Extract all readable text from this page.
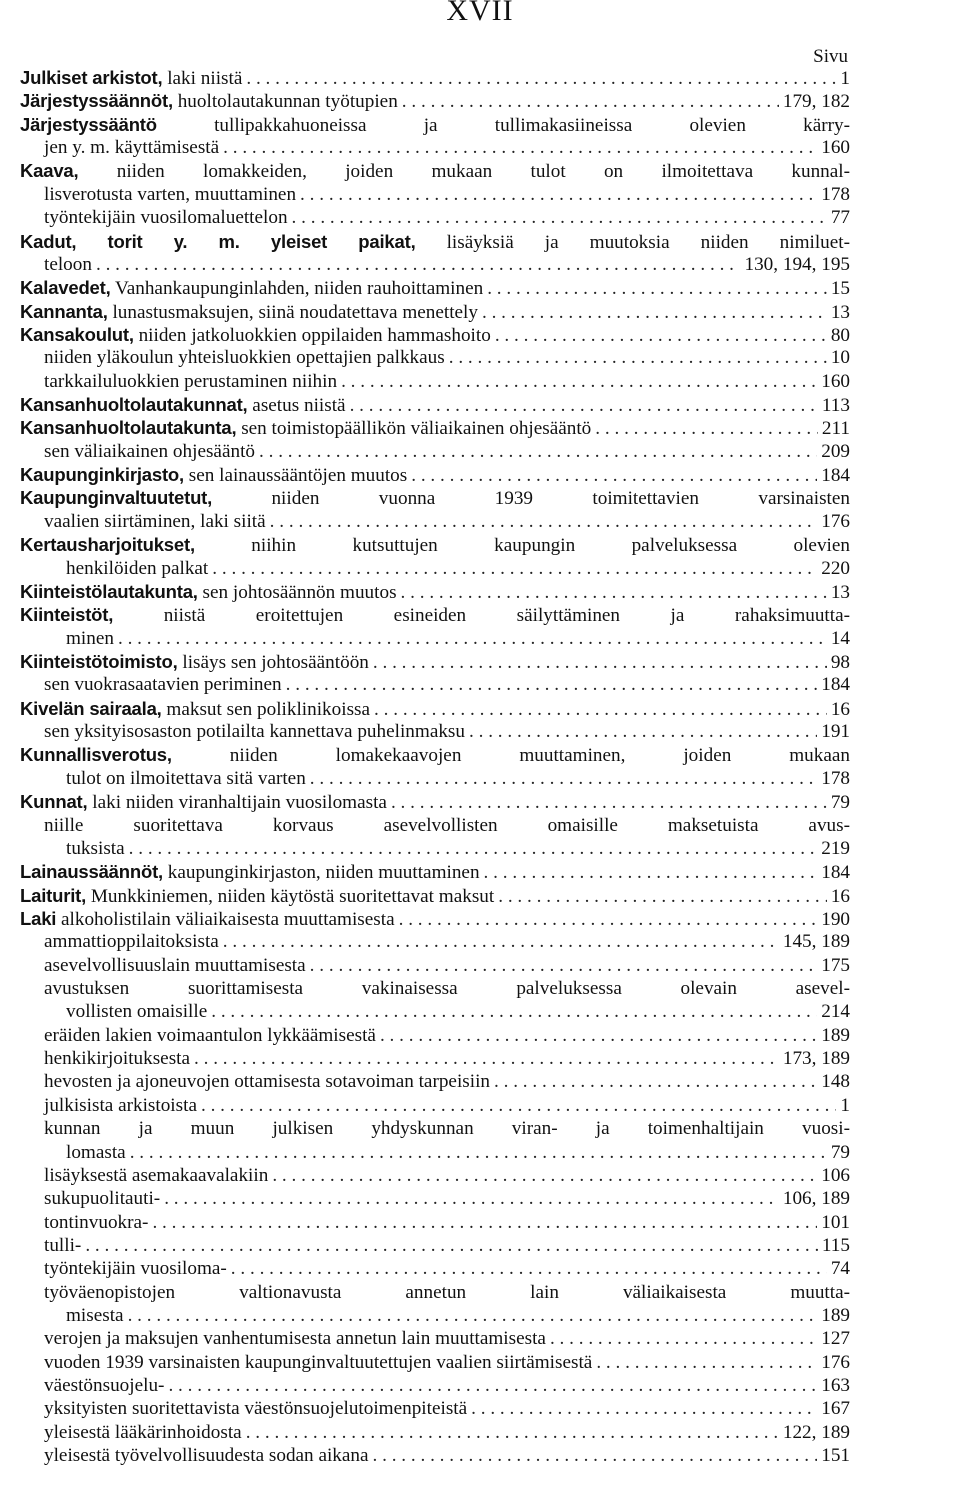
XVII
Sivu
Julkiset arkistot, laki niistä . . .	1
Järjestyssäännöt, huoltolautakunnan työtupien . . .	179, 182
Järjestyssääntö tullipakkahuoneissa ja tullimakasiineissa olevien kärry-
jen y. m. käyttämisestä . . .	160
Kaava, niiden lomakkeiden, joiden mukaan tulot on ilmoitettava kunnal-
lisverotusta varten, muuttaminen . . .	178
työntekijäin vuosilomaluettelon . . .	77
Kadut, torit y. m. yleiset paikat, lisäyksiä ja muutoksia niiden nimiluet-
teloon . . .	130, 194, 195
Kalavedet, Vanhankaupunginlahden, niiden rauhoittaminen . . .	15
Kannanta, lunastusmaksujen, siinä noudatettava menettely . . .	13
Kansakoulut, niiden jatkoluokkien oppilaiden hammashoito . . .	80
niiden yläkoulun yhteisluokkien opettajien palkkaus . . .	10
tarkkailuluokkien perustaminen niihin . . .	160
Kansanhuoltolautakunnat, asetus niistä . . .	113
Kansanhuoltolautakunta, sen toimistopäällikön väliaikainen ohjesääntö . . .	211
sen väliaikainen ohjesääntö . . .	209
Kaupunginkirjasto, sen lainaussääntöjen muutos . . .	184
Kaupunginvaltuutetut, niiden vuonna 1939 toimitettavien varsinaisten
vaalien siirtäminen, laki siitä . . .	176
Kertausharjoitukset, niihin kutsuttujen kaupungin palveluksessa olevien
henkilöiden palkat . . .	220
Kiinteistölautakunta, sen johtosäännön muutos . . .	13
Kiinteistöt, niistä eroitettujen esineiden säilyttäminen ja rahaksimuutta-
minen . . .	14
Kiinteistötoimisto, lisäys sen johtosääntöön . . .	98
sen vuokrasaatavien periminen . . .	184
Kivelän sairaala, maksut sen poliklinikoissa . . .	16
sen yksityisosaston potilailta kannettava puhelinmaksu . . .	191
Kunnallisverotus, niiden lomakekaavojen muuttaminen, joiden mukaan
tulot on ilmoitettava sitä varten . . .	178
Kunnat, laki niiden viranhaltijain vuosilomasta . . .	79
niille suoritettava korvaus asevelvollisten omaisille maksetuista avus-
tuksista . . .	219
Lainaussäännöt, kaupunginkirjaston, niiden muuttaminen . . .	184
Laiturit, Munkkiniemen, niiden käytöstä suoritettavat maksut . . .	16
Laki alkoholistilain väliaikaisesta muuttamisesta . . .	190
ammattioppilaitoksista . . .	145, 189
asevelvollisuuslain muuttamisesta . . .	175
avustuksen suorittamisesta vakinaisessa palveluksessa olevain asevel-
vollisten omaisille . . .	214
eräiden lakien voimaantulon lykkäämisestä . . .	189
henkikirjoituksesta . . .	173, 189
hevosten ja ajoneuvojen ottamisesta sotavoiman tarpeisiin . . .	148
julkisista arkistoista . . .	1
kunnan ja muun julkisen yhdyskunnan viran- ja toimenhaltijain vuosi-
lomasta . . .	79
lisäyksestä asemakaavalakiin . . .	106
sukupuolitauti- . . .	106, 189
tontinvuokra- . . .	101
tulli- . . .	115
työntekijäin vuosiloma- . . .	74
työväenopistojen valtionavusta annetun lain väliaikaisesta muutta-
misesta . . .	189
verojen ja maksujen vanhentumisesta annetun lain muuttamisesta . . .	127
vuoden 1939 varsinaisten kaupunginvaltuutettujen vaalien siirtämisestä . . .	176
väestönsuojelu- . . .	163
yksityisten suoritettavista väestönsuojelutoimenpiteistä . . .	167
yleisestä lääkärinhoidosta . . .	122, 189
yleisestä työvelvollisuudesta sodan aikana . . .	151
